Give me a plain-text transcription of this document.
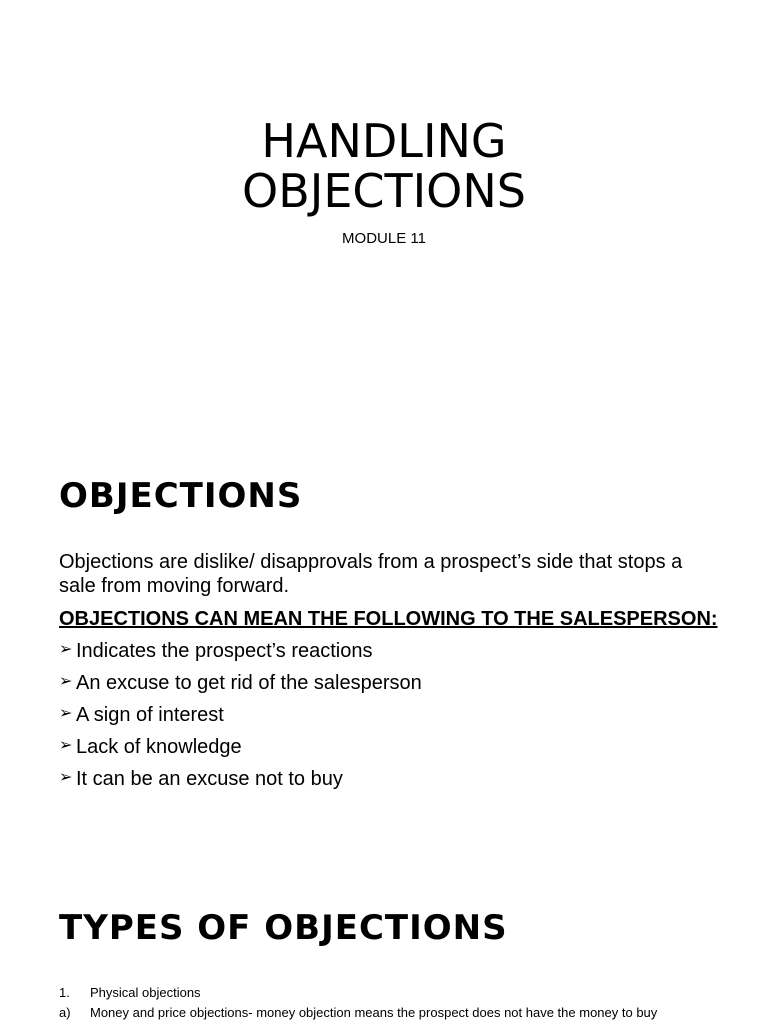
HANDLING
OBJECTIONS
MODULE 11
OBJECTIONS
Objections are dislike/ disapprovals from a prospect’s side that stops a sale from moving forward.
OBJECTIONS CAN MEAN THE FOLLOWING TO THE SALESPERSON:
➢ Indicates the prospect’s reactions
➢ An excuse to get rid of the salesperson
➢ A sign of interest
➢ Lack of knowledge
➢ It can be an excuse not to buy
TYPES OF OBJECTIONS
1.	Physical objections
a)	Money and price objections- money objection means the prospect does not have the money to buy
